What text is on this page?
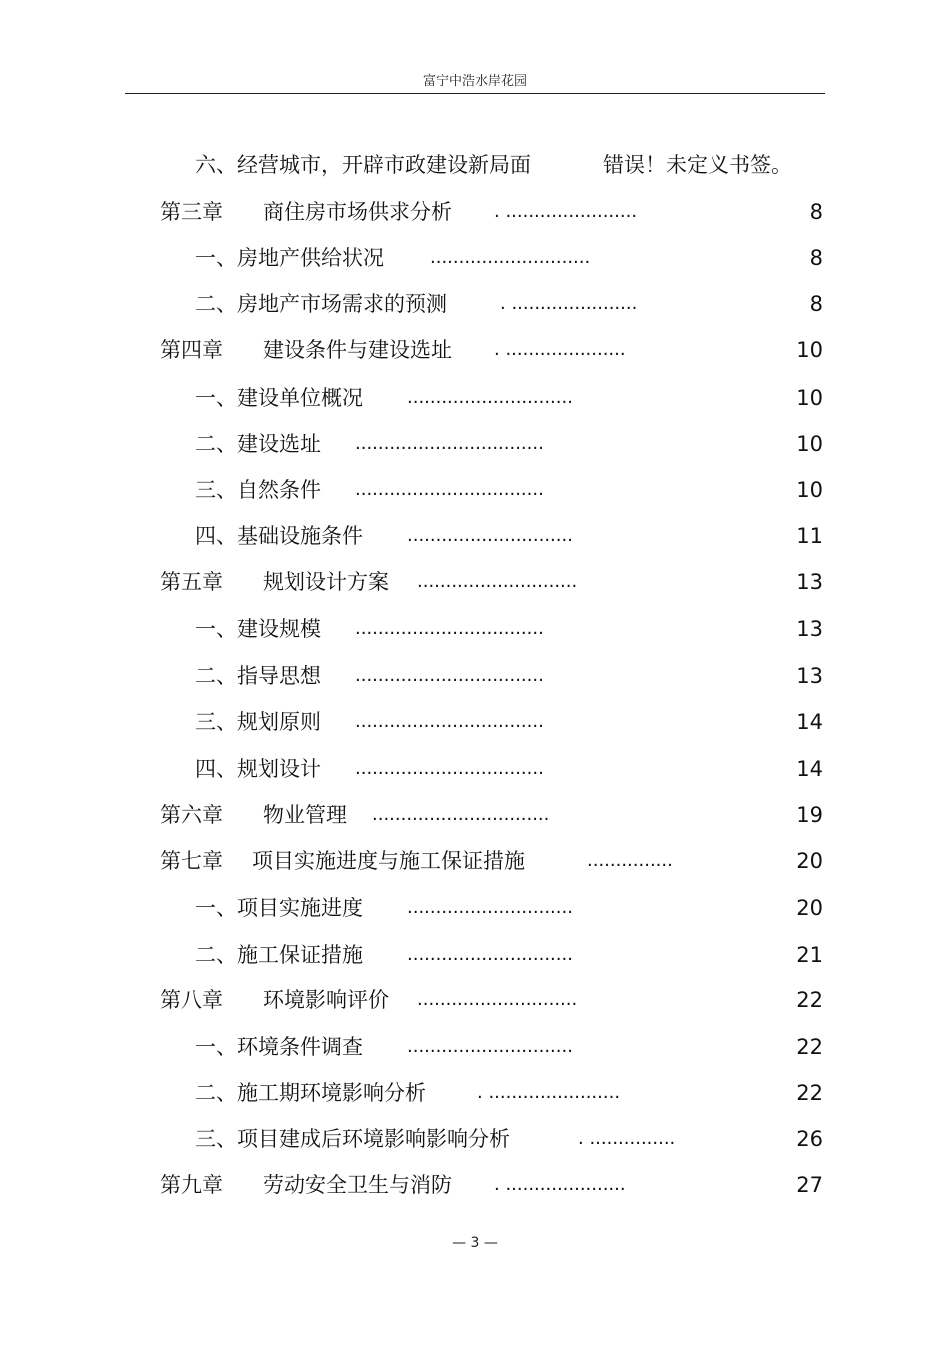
富宁中浩水岸花园
六、经营城市，开辟市政建设新局面	错误！未定义书签。
第三章 商住房市场供求分析 . .......................	8
一、房地产供给状况	............................	8
二、房地产市场需求的预测	. ......................	8
第四章 建设条件与建设选址 . .....................	10
一、建设单位概况 .............................	10
二、建设选址 .................................	10
三、自然条件 .................................	10
四、基础设施条件 .............................	11
第五章 规划设计方案 ............................	13
一、建设规模 .................................	13
二、指导思想 .................................	13
三、规划原则 .................................	14
四、规划设计 .................................	14
第六章 物业管理 ...............................	19
第七章 项目实施进度与施工保证措施	...............	20
一、项目实施进度 .............................	20
二、施工保证措施 .............................	21
第八章 环境影响评价 ............................	22
一、环境条件调查 .............................	22
二、施工期环境影响分析	. .......................	22
三、项目建成后环境影响影响分析	. ...............	26
第九章 劳动安全卫生与消防 . .....................	27
— 3 —
